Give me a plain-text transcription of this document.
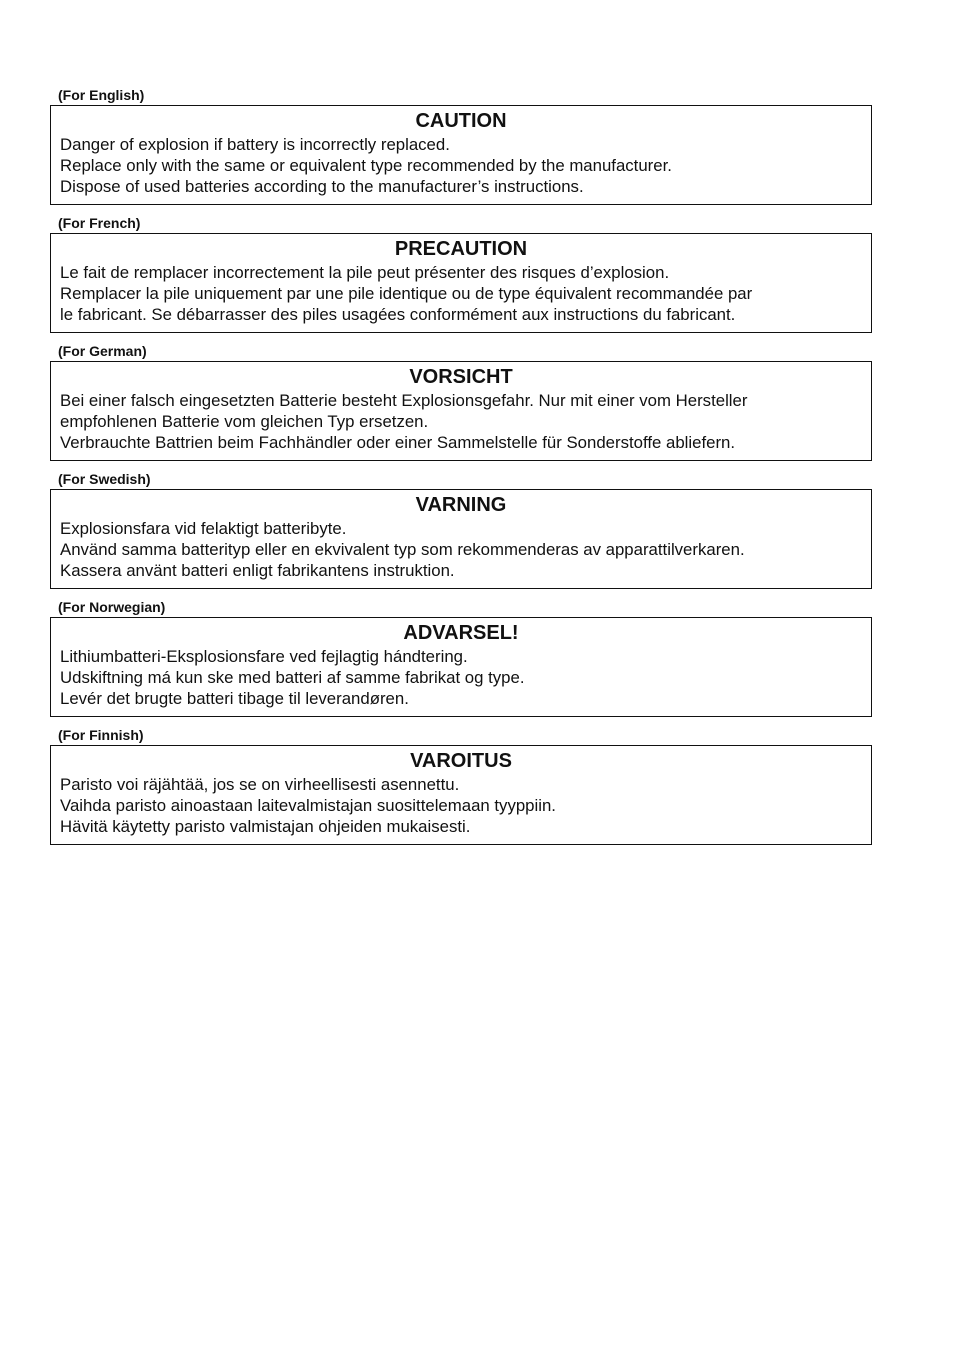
(For English)
CAUTION
Danger of explosion if battery is incorrectly replaced.
Replace only with the same or equivalent type recommended by the manufacturer.
Dispose of used batteries according to the manufacturer’s instructions.
(For French)
PRECAUTION
Le fait de remplacer incorrectement la pile peut présenter des risques d’explosion.
Remplacer la pile uniquement par une pile identique ou de type équivalent recommandée par
le fabricant. Se débarrasser des piles usagées conformément aux instructions du fabricant.
(For German)
VORSICHT
Bei einer falsch eingesetzten Batterie besteht Explosionsgefahr. Nur mit einer vom Hersteller
empfohlenen Batterie vom gleichen Typ ersetzen.
Verbrauchte Battrien beim Fachhändler oder einer Sammelstelle für Sonderstoffe abliefern.
(For Swedish)
VARNING
Explosionsfara vid felaktigt batteribyte.
Använd samma batterityp eller en ekvivalent typ som rekommenderas av apparattilverkaren.
Kassera använt batteri enligt fabrikantens instruktion.
(For Norwegian)
ADVARSEL!
Lithiumbatteri-Eksplosionsfare ved fejlagtig hándtering.
Udskiftning má kun ske med batteri af samme fabrikat og type.
Levér det brugte batteri tibage til leverandøren.
(For Finnish)
VAROITUS
Paristo voi räjähtää, jos se on virheellisesti asennettu.
Vaihda paristo ainoastaan laitevalmistajan suosittelemaan tyyppiin.
Hävitä käytetty paristo valmistajan ohjeiden mukaisesti.
